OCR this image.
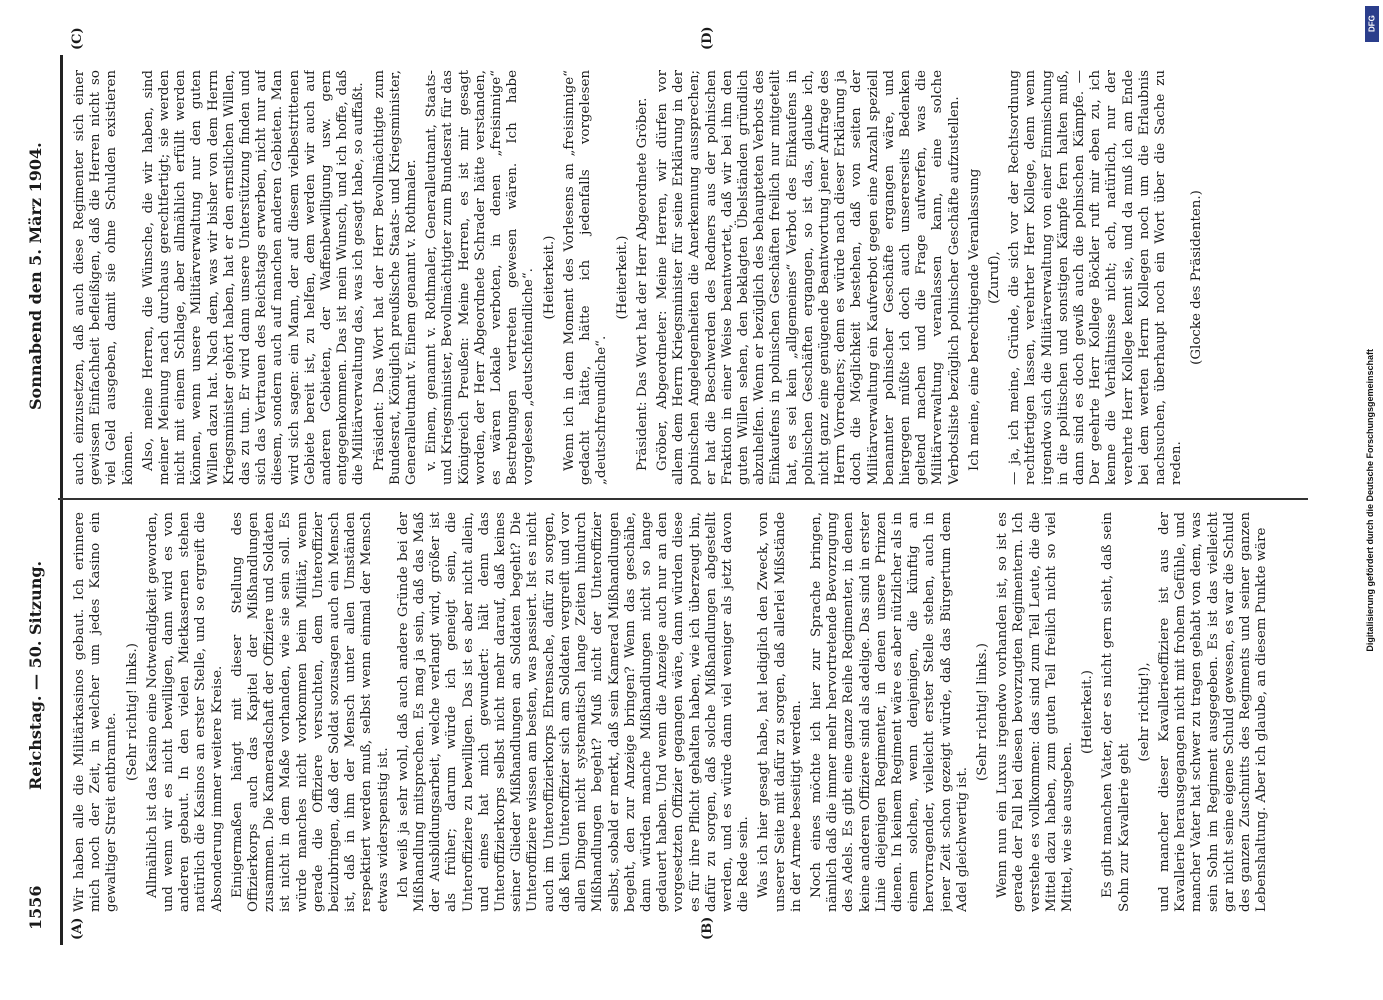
1556
Reichstag. — 50. Sitzung.
Sonnabend den 5. März 1904.
(A)	(B)
(C)	(D)

Wir haben alle die Militärkasinos gebaut. Ich erinnere mich noch der Zeit, in welcher um jedes Kasino ein gewaltiger Streit entbrannte.

(Sehr richtig! links.) Allmählich ist das Kasino eine Notwendigkeit geworden, und wenn wir es nicht bewilligen, dann wird es von anderen gebaut. In den vielen Mietkasernen stehen natürlich die Kasinos an erster Stelle, und so ergreift die Absonderung immer weitere Kreise. Einigermaßen hängt mit dieser Stellung des Offizierkorps auch das Kapitel der Mißhandlungen zusammen. Die Kameradschaft der Offiziere und Soldaten ist nicht in dem Maße vorhanden, wie sie sein soll. Es würde manches nicht vorkommen beim Militär, wenn gerade die Offiziere versuchten, dem Unteroffizier beizubringen, daß der Soldat sozusagen auch ein Mensch ist, daß in ihm der Mensch unter allen Umständen respektiert werden muß, selbst wenn einmal der Mensch etwas widerspenstig ist. Ich weiß ja sehr wohl, daß auch andere Gründe bei der Mißhandlung mitsprechen. Es mag ja sein, daß das Maß der Ausbildungsarbeit, welche verlangt wird, größer ist als früher; darum würde ich geneigt sein, die Unteroffiziere zu bewilligen. Das ist es aber nicht allein, und eines hat mich gewundert: hält denn das Unteroffizierkorps selbst nicht mehr darauf, daß keines seiner Glieder Mißhandlungen an Soldaten begeht? Die Unteroffiziere wissen am besten, was passiert. Ist es nicht auch im Unteroffizierkorps Ehrensache, dafür zu sorgen, daß kein Unteroffizier sich am Soldaten vergreift und vor allen Dingen nicht systematisch lange Zeiten hindurch Mißhandlungen begeht? Muß nicht der Unteroffizier selbst, sobald er merkt, daß sein Kamerad Mißhandlungen begeht, den zur Anzeige bringen? Wenn das geschähe, dann würden manche Mißhandlungen nicht so lange gedauert haben. Und wenn die Anzeige auch nur an den vorgesetzten Offizier gegangen wäre, dann würden diese es für ihre Pflicht gehalten haben, wie ich überzeugt bin, dafür zu sorgen, daß solche Mißhandlungen abgestellt werden, und es würde dann viel weniger als jetzt davon die Rede sein. Was ich hier gesagt habe, hat lediglich den Zweck, von unserer Seite mit dafür zu sorgen, daß allerlei Mißstände in der Armee beseitigt werden. Noch eines möchte ich hier zur Sprache bringen, nämlich daß die immer mehr hervortretende Bevorzugung des Adels. Es gibt eine ganze Reihe Regimenter, in denen keine anderen Offiziere sind als adelige. Das sind in erster Linie diejenigen Regimenter, in denen unsere Prinzen dienen. In keinem Regiment wäre es aber nützlicher als in einem solchen, wenn denjenigen, die künftig an hervorragender, vielleicht erster Stelle stehen, auch in jener Zeit schon gezeigt würde, daß das Bürgertum dem Adel gleichwertig ist.

(Sehr richtig! links.) Wenn nun ein Luxus irgendwo vorhanden ist, so ist es gerade der Fall bei diesen bevorzugten Regimentern. Ich verstehe es vollkommen: das sind zum Teil Leute, die die Mittel dazu haben, zum guten Teil freilich nicht so viel Mittel, wie sie ausgeben.

(Heiterkeit.) Es gibt manchen Vater, der es nicht gern sieht, daß sein Sohn zur Kavallerie geht

(sehr richtig!), und mancher dieser Kavallerieoffiziere ist aus der Kavallerie herausgegangen nicht mit frohem Gefühle, und mancher Vater hat schwer zu tragen gehabt von dem, was sein Sohn im Regiment ausgegeben. Es ist das vielleicht gar nicht seine eigene Schuld gewesen, es war die Schuld des ganzen Zuschnitts des Regiments und seiner ganzen Lebenshaltung. Aber ich glaube, an diesem Punkte wäre

auch einzusetzen, daß auch diese Regimenter sich einer gewissen Einfachheit befleißigen, daß die Herren nicht so viel Geld ausgeben, damit sie ohne Schulden existieren können. Also, meine Herren, die Wünsche, die wir haben, sind meiner Meinung nach durchaus gerechtfertigt; sie werden nicht mit einem Schlage, aber allmählich erfüllt werden können, wenn unsere Militärverwaltung nur den guten Willen dazu hat. Nach dem, was wir bisher von dem Herrn Kriegsminister gehört haben, hat er den ernstlichen Willen, das zu tun. Er wird dann unsere Unterstützung finden und sich das Vertrauen des Reichstags erwerben, nicht nur auf diesem, sondern auch auf manchen anderen Gebieten. Man wird sich sagen: ein Mann, der auf diesem vielbestrittenen Gebiete bereit ist, zu helfen, dem werden wir auch auf anderen Gebieten, der Waffenbewilligung usw. gern entgegenkommen. Das ist mein Wunsch, und ich hoffe, daß die Militärverwaltung das, was ich gesagt habe, so auffaßt. Präsident: Das Wort hat der Herr Bevollmächtigte zum Bundesrat, Königlich preußische Staats- und Kriegsminister, Generalleutnant v. Einem genannt v. Rothmaler. v. Einem, genannt v. Rothmaler, Generalleutnant, Staats- und Kriegsminister, Bevollmächtigter zum Bundesrat für das Königreich Preußen: Meine Herren, es ist mir gesagt worden, der Herr Abgeordnete Schrader hätte verstanden, es wären Lokale verboten, in denen „freisinnige“ Bestrebungen vertreten gewesen wären. Ich habe vorgelesen „deutschfeindliche“. (Heiterkeit.) Wenn ich in dem Moment des Vorlesens an „freisinnige“ gedacht hätte, hätte ich jedenfalls vorgelesen „deutschfreundliche“.

(Heiterkeit.) Präsident: Das Wort hat der Herr Abgeordnete Gröber. Gröber, Abgeordneter: Meine Herren, wir dürfen vor allem dem Herrn Kriegsminister für seine Erklärung in der polnischen Angelegenheiten die Anerkennung aussprechen; er hat die Beschwerden des Redners aus der polnischen Fraktion in einer Weise beantwortet, daß wir bei ihm den guten Willen sehen, den beklagten Übelständen gründlich abzuhelfen. Wenn er bezüglich des behaupteten Verbots des Einkaufens in polnischen Geschäften freilich nur mitgeteilt hat, es sei kein „allgemeines“ Verbot des Einkaufens in polnischen Geschäften ergangen, so ist das, glaube ich, nicht ganz eine genügende Beantwortung jener Anfrage des Herrn Vorredners; denn es würde nach dieser Erklärung ja doch die Möglichkeit bestehen, daß von seiten der Militärverwaltung ein Kaufverbot gegen eine Anzahl speziell benannter polnischer Geschäfte ergangen wäre, und hiergegen müßte ich doch auch unsererseits Bedenken geltend machen und die Frage aufwerfen, was die Militärverwaltung veranlassen kann, eine solche Verbotsliste bezüglich polnischer Geschäfte aufzustellen. Ich meine, eine berechtigende Veranlassung (Zuruf), — ja, ich meine, Gründe, die sich vor der Rechtsordnung rechtfertigen lassen, verehrter Herr Kollege, denn wenn irgendwo sich die Militärverwaltung von einer Einmischung in die politischen und sonstigen Kämpfe fern halten muß, dann sind es doch gewiß auch die polnischen Kämpfe. — Der geehrte Herr Kollege Böckler ruft mir eben zu, ich kenne die Verhältnisse nicht; ach, natürlich, nur der verehrte Herr Kollege kennt sie, und da muß ich am Ende bei dem werten Herrn Kollegen noch um die Erlaubnis nachsuchen, überhaupt noch ein Wort über die Sache zu reden.

(Glocke des Präsidenten.)

Digitalisierung gefördert durch die Deutsche Forschungsgemeinschaft
DFG
